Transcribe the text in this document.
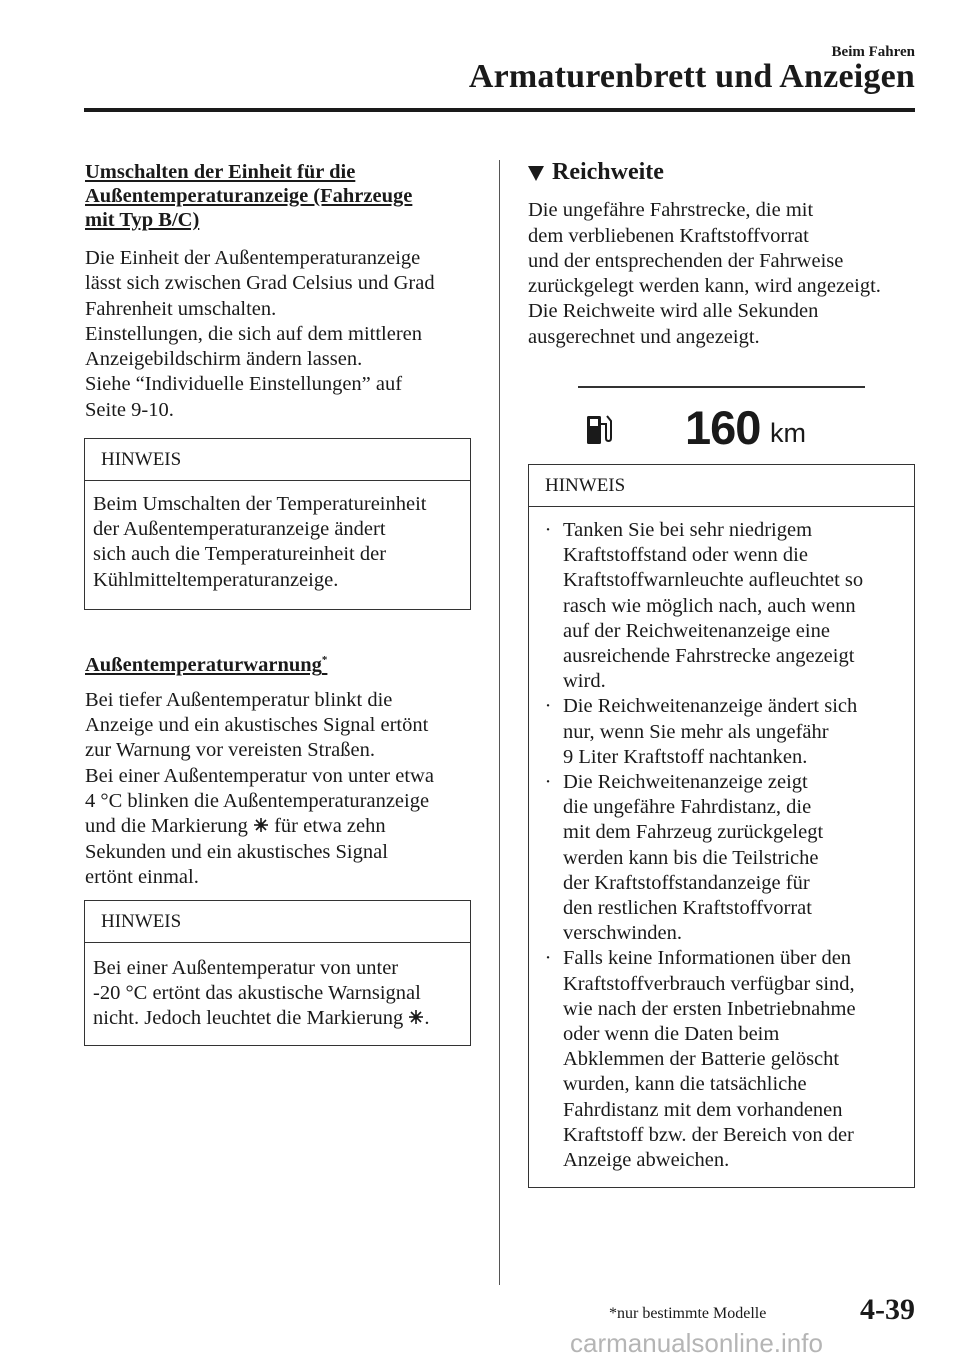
Beim Fahren
Armaturenbrett und Anzeigen
Umschalten der Einheit für die
Außentemperaturanzeige (Fahrzeuge
mit Typ B/C)

Die Einheit der Außentemperaturanzeige
lässt sich zwischen Grad Celsius und Grad
Fahrenheit umschalten.
Einstellungen, die sich auf dem mittleren
Anzeigebildschirm ändern lassen.
Siehe “Individuelle Einstellungen” auf
Seite 9-10.

HINWEIS
Beim Umschalten der Temperatureinheit
der Außentemperaturanzeige ändert
sich auch die Temperatureinheit der
Kühlmitteltemperaturanzeige.
Außentemperaturwarnung*

Bei tiefer Außentemperatur blinkt die
Anzeige und ein akustisches Signal ertönt
zur Warnung vor vereisten Straßen.
Bei einer Außentemperatur von unter etwa
4 °C blinken die Außentemperaturanzeige
und die Markierung  für etwa zehn
Sekunden und ein akustisches Signal
ertönt einmal.

HINWEIS
Bei einer Außentemperatur von unter
-20 °C ertönt das akustische Warnsignal
nicht. Jedoch leuchtet die Markierung .
Reichweite

Die ungefähre Fahrstrecke, die mit
dem verbliebenen Kraftstoffvorrat
und der entsprechenden der Fahrweise
zurückgelegt werden kann, wird angezeigt.
Die Reichweite wird alle Sekunden
ausgerechnet und angezeigt.

160 km
HINWEIS
· Tanken Sie bei sehr niedrigem
Kraftstoffstand oder wenn die
Kraftstoffwarnleuchte aufleuchtet so
rasch wie möglich nach, auch wenn
auf der Reichweitenanzeige eine
ausreichende Fahrstrecke angezeigt
wird.
· Die Reichweitenanzeige ändert sich
nur, wenn Sie mehr als ungefähr
9 Liter Kraftstoff nachtanken.
· Die Reichweitenanzeige zeigt
die ungefähre Fahrdistanz, die
mit dem Fahrzeug zurückgelegt
werden kann bis die Teilstriche
der Kraftstoffstandanzeige für
den restlichen Kraftstoffvorrat
verschwinden.
· Falls keine Informationen über den
Kraftstoffverbrauch verfügbar sind,
wie nach der ersten Inbetriebnahme
oder wenn die Daten beim
Abklemmen der Batterie gelöscht
wurden, kann die tatsächliche
Fahrdistanz mit dem vorhandenen
Kraftstoff bzw. der Bereich von der
Anzeige abweichen.
*nur bestimmte Modelle	4-39
carmanualsonline.info
